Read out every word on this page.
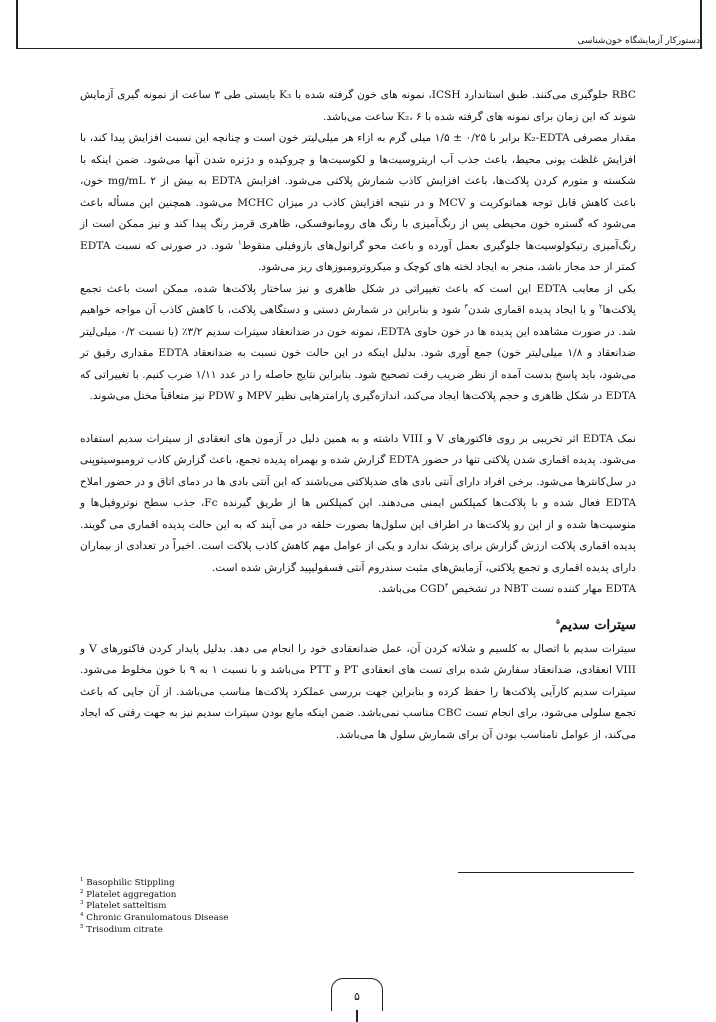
دستورکار آزمایشگاه خون‌شناسی

RBC جلوگیری می‌کنند. طبق استاندارد ICSH، نمونه های خون گرفته شده با K₃ بایستی طی ۳ ساعت از نمونه گیری آزمایش شوند که این زمان برای نمونه های گرفته شده با K₂، ۶ ساعت می‌باشد.

مقدار مصرفی K₂-EDTA برابر با ۰/۲۵ ± ۱/۵ میلی گرم به ازاء هر میلی‌لیتر خون است و چنانچه این نسبت افزایش پیدا کند، با افزایش غلظت یونی محیط، باعث جذب آب اریتروسیت‌ها و لکوسیت‌ها و چروکیده و دژنره شدن آنها می‌شود. ضمن اینکه با شکسته و متورم کردن پلاکت‌ها، باعث افزایش کاذب شمارش پلاکتی می‌شود. افزایش EDTA به بیش از ۲ mg/mL خون، باعث کاهش قابل توجه هماتوکریت و MCV و در نتیجه افزایش کاذب در میزان MCHC می‌شود. همچنین این مسأله باعث می‌شود که گستره خون محیطی پس از رنگ‌آمیزی با رنگ های رومانوفسکی، ظاهری قرمز رنگ پیدا کند و نیز ممکن است از رنگ‌آمیزی رتیکولوسیت‌ها جلوگیری بعمل آورده و باعث محو گرانول‌های بازوفیلی منقوط$^۱$ شود. در صورتی که نسبت EDTA کمتر از حد مجاز باشد، منجر به ایجاد لخته های کوچک و میکروترومبوزهای ریز می‌شود.

یکی از معایب EDTA این است که باعث تغییراتی در شکل ظاهری و نیز ساختار پلاکت‌ها شده، ممکن است باعث تجمع پلاکت‌ها$^۲$ و یا ایجاد پدیده اقماری شدن$^۳$ شود و بنابراین در شمارش دستی و دستگاهی پلاکت، با کاهش کاذب آن مواجه خواهیم شد. در صورت مشاهده این پدیده ها در خون حاوی EDTA، نمونه خون در ضدانعقاد سیترات سدیم ۳/۲٪ (با نسبت ۰/۲ میلی‌لیتر ضدانعقاد و ۱/۸ میلی‌لیتر خون) جمع آوری شود. بدلیل اینکه در این حالت خون نسبت به ضدانعقاد EDTA مقداری رقیق تر می‌شود، باید پاسخ بدست آمده از نظر ضریب رقت تصحیح شود. بنابراین نتایج حاصله را در عدد ۱/۱۱ ضرب کنیم. با تغییراتی که EDTA در شکل ظاهری و حجم پلاکت‌ها ایجاد می‌کند، اندازه‌گیری پارامترهایی نظیر MPV و PDW نیز متعاقباً مختل می‌شوند.

نمک EDTA اثر تخریبی بر روی فاکتورهای V و VIII داشته و به همین دلیل در آزمون های انعقادی از سیترات سدیم استفاده می‌شود. پدیده اقماری شدن پلاکتی تنها در حضور EDTA گزارش شده و بهمراه پدیده تجمع، باعث گزارش کاذب ترومبوسیتوپنی در سل‌کانترها می‌شود. برخی افراد دارای آنتی بادی های ضدپلاکتی می‌باشند که این آنتی بادی ها در دمای اتاق و در حضور املاح EDTA فعال شده و با پلاکت‌ها کمپلکس ایمنی می‌دهند. این کمپلکس ها از طریق گیرنده Fc، جذب سطح نوتروفیل‌ها و منوسیت‌ها شده و از این رو پلاکت‌ها در اطراف این سلول‌ها بصورت حلقه در می آیند که به این حالت پدیده اقماری می گویند. پدیده اقماری پلاکت ارزش گزارش برای پزشک ندارد و یکی از عوامل مهم کاهش کاذب پلاکت است. اخیراً در تعدادی از بیماران دارای پدیده اقماری و تجمع پلاکتی، آزمایش‌های مثبت سندروم آنتی فسفولیپید گزارش شده است.

EDTA مهار کننده تست NBT در تشخیص CGD$^۴$ می‌باشد.

سیترات سدیم$^۵$

سیترات سدیم با اتصال به کلسیم و شلاته کردن آن، عمل ضدانعقادی خود را انجام می دهد. بدلیل پایدار کردن فاکتورهای V و VIII انعقادی، ضدانعقاد سفارش شده برای تست های انعقادی PT و PTT می‌باشد و با نسبت ۱ به ۹ با خون مخلوط می‌شود. سیترات سدیم کارآیی پلاکت‌ها را حفظ کرده و بنابراین جهت بررسی عملکرد پلاکت‌ها مناسب می‌باشد. از آن جایی که باعث تجمع سلولی می‌شود، برای انجام تست CBC مناسب نمی‌باشد. ضمن اینکه مایع بودن سیترات سدیم نیز به جهت رقتی که ایجاد می‌کند، از عوامل نامناسب بودن آن برای شمارش سلول ها می‌باشد.

$^1$ Basophilic Stippling
$^2$ Platelet aggregation
$^3$ Platelet satteltism
$^4$ Chronic Granulomatous Disease
$^5$ Trisodium citrate
۵
